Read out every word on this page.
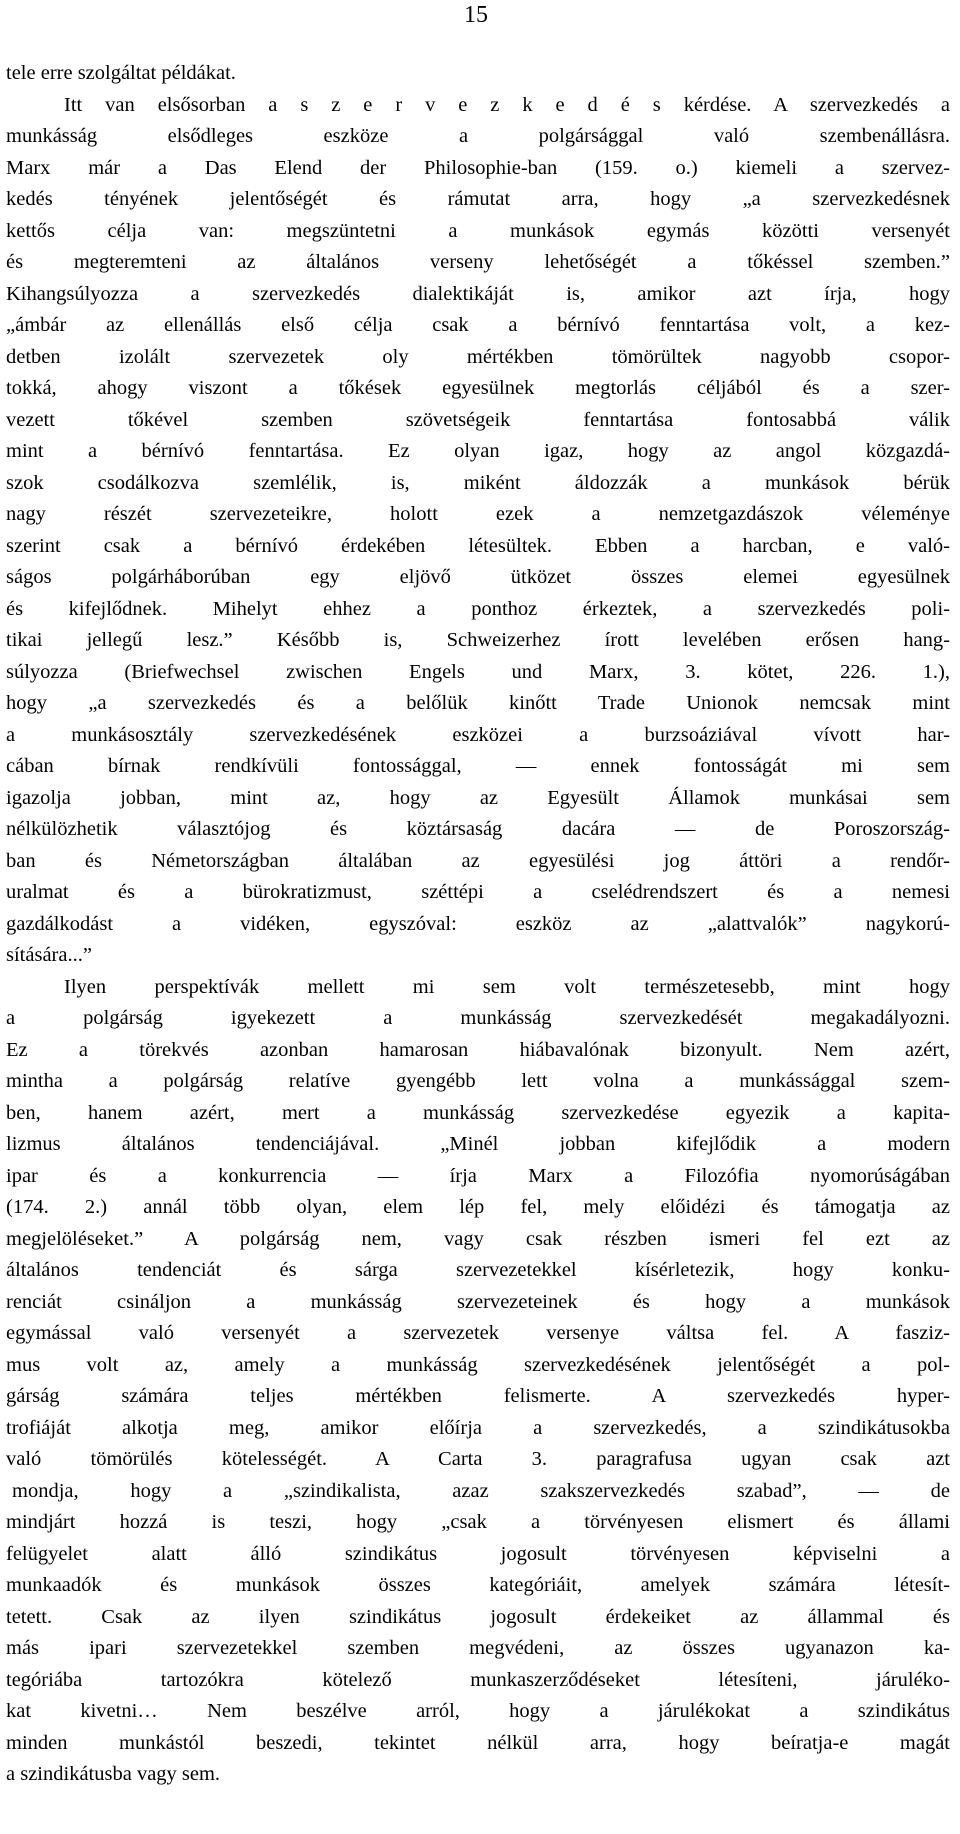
15
tele erre szolgáltat példákat.
Itt van elsősorban a s z e r v e z k e d é s kérdése. A szervezkedés a
munkásság elsődleges eszköze a polgársággal való szembenállásra.
Marx már a Das Elend der Philosophie-ban (159. o.) kiemeli a szervez-
kedés tényének jelentőségét és rámutat arra, hogy „a szervezkedésnek
kettős célja van: megszüntetni a munkások egymás közötti versenyét
és megteremteni az általános verseny lehetőségét a tőkéssel szemben.”
Kihangsúlyozza a szervezkedés dialektikáját is, amikor azt írja, hogy
„ámbár az ellenállás első célja csak a bérnívó fenntartása volt, a kez-
detben izolált szervezetek oly mértékben tömörültek nagyobb csopor-
tokká, ahogy viszont a tőkések egyesülnek megtorlás céljából és a szer-
vezett tőkével szemben szövetségeik fenntartása fontosabbá válik
mint a bérnívó fenntartása. Ez olyan igaz, hogy az angol közgazdá-
szok csodálkozva szemlélik, is, miként áldozzák a munkások bérük
nagy részét szervezeteikre, holott ezek a nemzetgazdászok véleménye
szerint csak a bérnívó érdekében létesültek. Ebben a harcban, e való-
ságos polgárháborúban egy eljövő ütközet összes elemei egyesülnek
és kifejlődnek. Mihelyt ehhez a ponthoz érkeztek, a szervezkedés poli-
tikai jellegű lesz.” Később is, Schweizerhez írott levelében erősen hang-
súlyozza (Briefwechsel zwischen Engels und Marx, 3. kötet, 226. 1.),
hogy „a szervezkedés és a belőlük kinőtt Trade Unionok nemcsak mint
a munkásosztály szervezkedésének eszközei a burzsoáziával vívott har-
cában bírnak rendkívüli fontossággal, — ennek fontosságát mi sem
igazolja jobban, mint az, hogy az Egyesült Államok munkásai sem
nélkülözhetik választójog és köztársaság dacára — de Poroszország-
ban és Németországban általában az egyesülési jog áttöri a rendőr-
uralmat és a bürokratizmust, széttépi a cselédrendszert és a nemesi
gazdálkodást a vidéken, egyszóval: eszköz az „alattvalók” nagykorú-
sítására...”
Ilyen perspektívák mellett mi sem volt természetesebb, mint hogy
a polgárság igyekezett a munkásság szervezkedését megakadályozni.
Ez a törekvés azonban hamarosan hiábavalónak bizonyult. Nem azért,
mintha a polgárság relatíve gyengébb lett volna a munkássággal szem-
ben, hanem azért, mert a munkásság szervezkedése egyezik a kapita-
lizmus általános tendenciájával. „Minél jobban kifejlődik a modern
ipar és a konkurrencia — írja Marx a Filozófia nyomorúságában
(174. 2.) annál több olyan, elem lép fel, mely előidézi és támogatja az
megjelöléseket.” A polgárság nem, vagy csak részben ismeri fel ezt az
általános tendenciát és sárga szervezetekkel kísérletezik, hogy konku-
renciát csináljon a munkásság szervezeteinek és hogy a munkások
egymással való versenyét a szervezetek versenye váltsa fel. A fasziz-
mus volt az, amely a munkásság szervezkedésének jelentőségét a pol-
gárság számára teljes mértékben felismerte. A szervezkedés hyper-
trofiáját alkotja meg, amikor előírja a szervezkedés, a szindikátusokba
való tömörülés kötelességét. A Carta 3. paragrafusa ugyan csak azt
mondja, hogy a „szindikalista, azaz szakszervezkedés szabad”, — de
mindjárt hozzá is teszi, hogy „csak a törvényesen elismert és állami
felügyelet alatt álló szindikátus jogosult törvényesen képviselni a
munkaadók és munkások összes kategóriáit, amelyek számára létesít-
tetett. Csak az ilyen szindikátus jogosult érdekeiket az állammal és
más ipari szervezetekkel szemben megvédeni, az összes ugyanazon ka-
tegóriába tartozókra kötelező munkaszerződéseket létesíteni, járuléko-
kat kivetni… Nem beszélve arról, hogy a járulékokat a szindikátus
minden munkástól beszedi, tekintet nélkül arra, hogy beíratja-e magát
a szindikátusba vagy sem.
